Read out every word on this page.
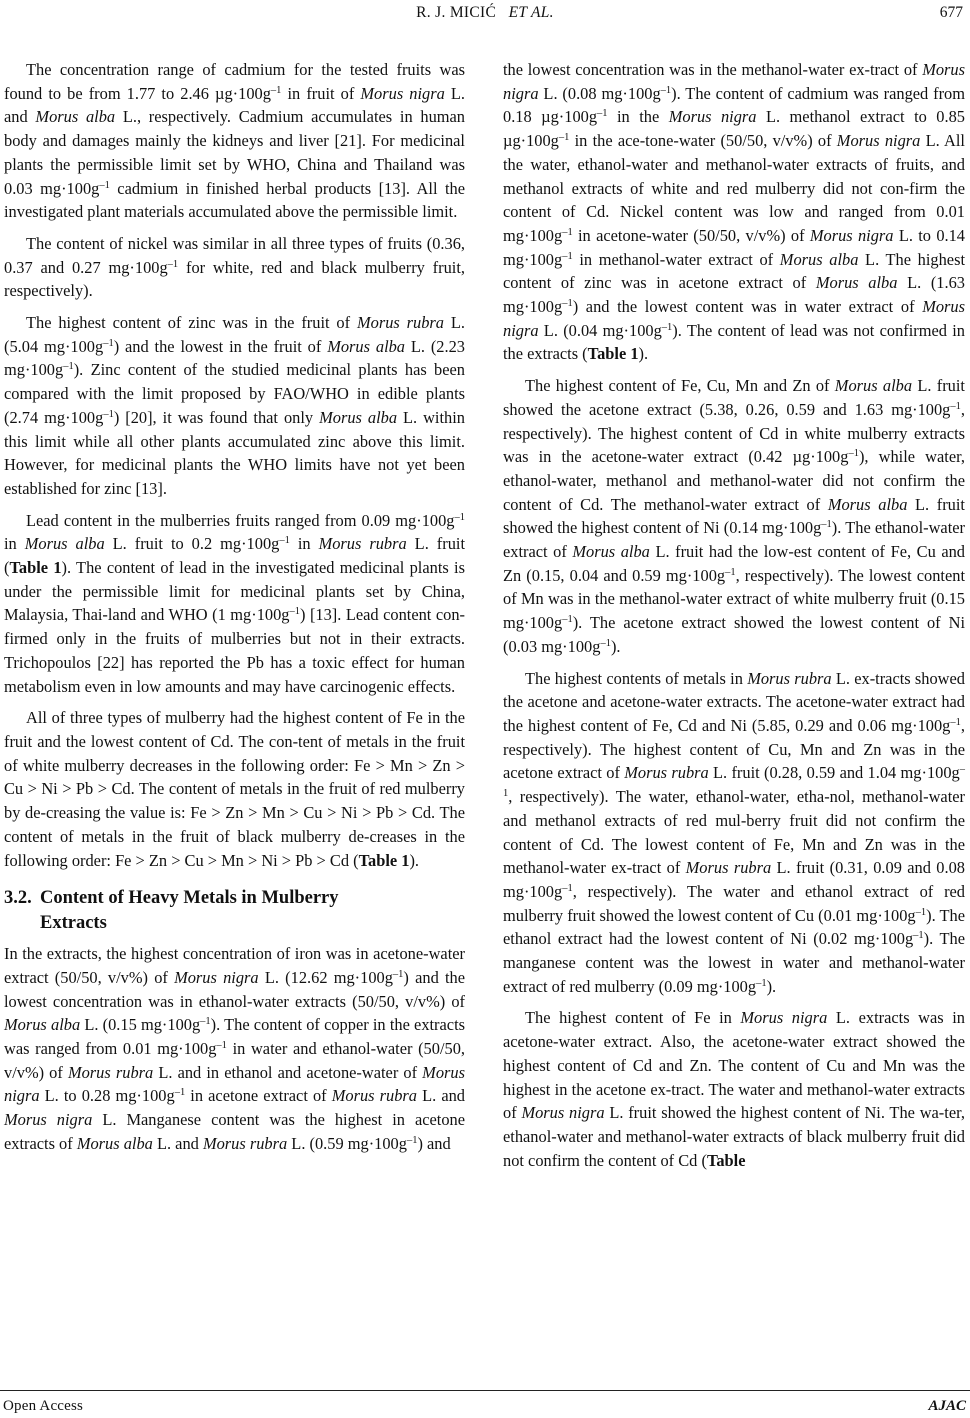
R. J. MICIĆ ET AL.	677

The concentration range of cadmium for the tested fruits was found to be from 1.77 to 2.46 $\mu g\cdot 100g^{-1}$ in fruit of Morus nigra L. and Morus alba L., respectively. Cadmium accumulates in human body and damages mainly the kidneys and liver [21]. For medicinal plants the permissible limit set by WHO, China and Thailand was 0.03 $mg\cdot 100g^{-1}$ cadmium in finished herbal products [13]. All the investigated plant materials accumulated above the permissible limit.

The content of nickel was similar in all three types of fruits (0.36, 0.37 and 0.27 $mg\cdot 100g^{-1}$ for white, red and black mulberry fruit, respectively).

The highest content of zinc was in the fruit of Morus rubra L. (5.04 $mg\cdot 100g^{-1}$) and the lowest in the fruit of Morus alba L. (2.23 $mg\cdot 100g^{-1}$). Zinc content of the studied medicinal plants has been compared with the limit proposed by FAO/WHO in edible plants (2.74 $mg\cdot 100g^{-1}$) [20], it was found that only Morus alba L. within this limit while all other plants accumulated zinc above this limit. However, for medicinal plants the WHO limits have not yet been established for zinc [13].

Lead content in the mulberries fruits ranged from 0.09 $mg\cdot 100g^{-1}$ in Morus alba L. fruit to 0.2 $mg\cdot 100g^{-1}$ in Morus rubra L. fruit (Table 1). The content of lead in the investigated medicinal plants is under the permissible limit for medicinal plants set by China, Malaysia, Thai-land and WHO (1 $mg\cdot 100g^{-1}$) [13]. Lead content con-firmed only in the fruits of mulberries but not in their extracts. Trichopoulos [22] has reported the Pb has a toxic effect for human metabolism even in low amounts and may have carcinogenic effects.

All of three types of mulberry had the highest content of Fe in the fruit and the lowest content of Cd. The con-tent of metals in the fruit of white mulberry decreases in the following order: Fe > Mn > Zn > Cu > Ni > Pb > Cd. The content of metals in the fruit of red mulberry by de-creasing the value is: Fe > Zn > Mn > Cu > Ni > Pb > Cd. The content of metals in the fruit of black mulberry de-creases in the following order: Fe > Zn > Cu > Mn > Ni > Pb > Cd (Table 1).

3.2. Content of Heavy Metals in Mulberry
Extracts

In the extracts, the highest concentration of iron was in acetone-water extract (50/50, v/v%) of Morus nigra L. (12.62 $mg\cdot 100g^{-1}$) and the lowest concentration was in ethanol-water extracts (50/50, v/v%) of Morus alba L. (0.15 $mg\cdot 100g^{-1}$). The content of copper in the extracts was ranged from 0.01 $mg\cdot 100g^{-1}$ in water and ethanol-water (50/50, v/v%) of Morus rubra L. and in ethanol and acetone-water of Morus nigra L. to 0.28 $mg\cdot 100g^{-1}$ in acetone extract of Morus rubra L. and Morus nigra L. Manganese content was the highest in acetone extracts of Morus alba L. and Morus rubra L. (0.59 $mg\cdot 100g^{-1}$) and

the lowest concentration was in the methanol-water ex-tract of Morus nigra L. (0.08 $mg\cdot 100g^{-1}$). The content of cadmium was ranged from 0.18 $\mu g\cdot 100g^{-1}$ in the Morus nigra L. methanol extract to 0.85 $\mu g\cdot 100g^{-1}$ in the ace-tone-water (50/50, v/v%) of Morus nigra L. All the water, ethanol-water and methanol-water extracts of fruits, and methanol extracts of white and red mulberry did not con-firm the content of Cd. Nickel content was low and ranged from 0.01 $mg\cdot 100g^{-1}$ in acetone-water (50/50, v/v%) of Morus nigra L. to 0.14 $mg\cdot 100g^{-1}$ in methanol-water extract of Morus alba L. The highest content of zinc was in acetone extract of Morus alba L. (1.63 $mg\cdot 100g^{-1}$) and the lowest content was in water extract of Morus nigra L. (0.04 $mg\cdot 100g^{-1}$). The content of lead was not confirmed in the extracts (Table 1).

The highest content of Fe, Cu, Mn and Zn of Morus alba L. fruit showed the acetone extract (5.38, 0.26, 0.59 and 1.63 $mg\cdot 100g^{-1}$, respectively). The highest content of Cd in white mulberry extracts was in the acetone-water extract (0.42 $\mu g\cdot 100g^{-1}$), while water, ethanol-water, methanol and methanol-water did not confirm the content of Cd. The methanol-water extract of Morus alba L. fruit showed the highest content of Ni (0.14 $mg\cdot 100g^{-1}$). The ethanol-water extract of Morus alba L. fruit had the low-est content of Fe, Cu and Zn (0.15, 0.04 and 0.59 $mg\cdot 100g^{-1}$, respectively). The lowest content of Mn was in the methanol-water extract of white mulberry fruit (0.15 $mg\cdot 100g^{-1}$). The acetone extract showed the lowest content of Ni (0.03 $mg\cdot 100g^{-1}$).

The highest contents of metals in Morus rubra L. ex-tracts showed the acetone and acetone-water extracts. The acetone-water extract had the highest content of Fe, Cd and Ni (5.85, 0.29 and 0.06 $mg\cdot 100g^{-1}$, respectively). The highest content of Cu, Mn and Zn was in the acetone extract of Morus rubra L. fruit (0.28, 0.59 and 1.04 $mg\cdot 100g^{-1}$, respectively). The water, ethanol-water, etha-nol, methanol-water and methanol extracts of red mul-berry fruit did not confirm the content of Cd. The lowest content of Fe, Mn and Zn was in the methanol-water ex-tract of Morus rubra L. fruit (0.31, 0.09 and 0.08 $mg\cdot 100g^{-1}$, respectively). The water and ethanol extract of red mulberry fruit showed the lowest content of Cu (0.01 $mg\cdot 100g^{-1}$). The ethanol extract had the lowest content of Ni (0.02 $mg\cdot 100g^{-1}$). The manganese content was the lowest in water and methanol-water extract of red mulberry (0.09 $mg\cdot 100g^{-1}$).

The highest content of Fe in Morus nigra L. extracts was in acetone-water extract. Also, the acetone-water extract showed the highest content of Cd and Zn. The content of Cu and Mn was the highest in the acetone ex-tract. The water and methanol-water extracts of Morus nigra L. fruit showed the highest content of Ni. The wa-ter, ethanol-water and methanol-water extracts of black mulberry fruit did not confirm the content of Cd (Table

Open Access	AJAC
